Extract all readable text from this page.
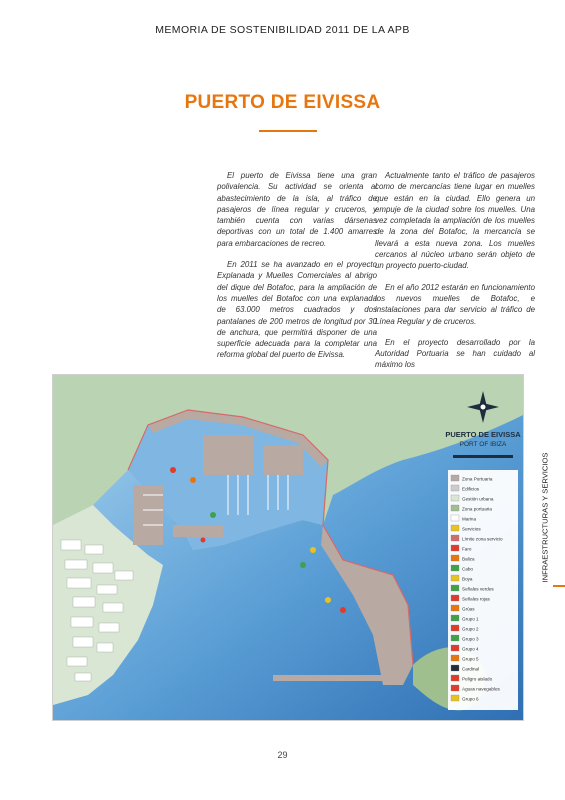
MEMORIA DE SOSTENIBILIDAD 2011 DE LA APB
PUERTO DE EIVISSA

El puerto de Eivissa tiene una gran polivalencia. Su actividad se orienta al abastecimiento de la isla, al tráfico de pasajeros de línea regular y cruceros, y también cuenta con varias dársenas deportivas con un total de 1.400 amarres para embarcaciones de recreo.

En 2011 se ha avanzado en el proyecto Explanada y Muelles Comerciales al abrigo del dique del Botafoc, para la ampliación de los muelles del Botafoc con una explanada de 63.000 metros cuadrados y dos pantalanes de 200 metros de longitud por 30 de anchura, que permitirá disponer de una superficie adecuada para la completar una reforma global del puerto de Eivissa.

Actualmente tanto el tráfico de pasajeros como de mercancías tiene lugar en muelles que están en la ciudad. Ello genera un empuje de la ciudad sobre los muelles. Una vez completada la ampliación de los muelles de la zona del Botafoc, la mercancía se llevará a esta nueva zona. Los muelles cercanos al núcleo urbano serán objeto de un proyecto puerto-ciudad.

En el año 2012 estarán en funcionamiento los nuevos muelles de Botafoc, e instalaciones para dar servicio al tráfico de Línea Regular y de cruceros.

En el proyecto desarrollado por la Autoridad Portuaria se han cuidado al máximo los

PUERTO DE EIVISSA
PORT OF IBIZA
Zona Portuaria
Edificios
Gestión urbana
Zona portuaria
Marina
Servicios
Límite zona servicio
Faro
Baliza
Cabo
Boya
Señales verdes
Señales rojas
Grúas
Grupo 1
Grupo 2
Grupo 3
Grupo 4
Grupo 5
Cardinal
Peligro aislado
Aguas navegables
Grupo 6
INFRAESTRUCTURAS Y SERVICIOS
29
